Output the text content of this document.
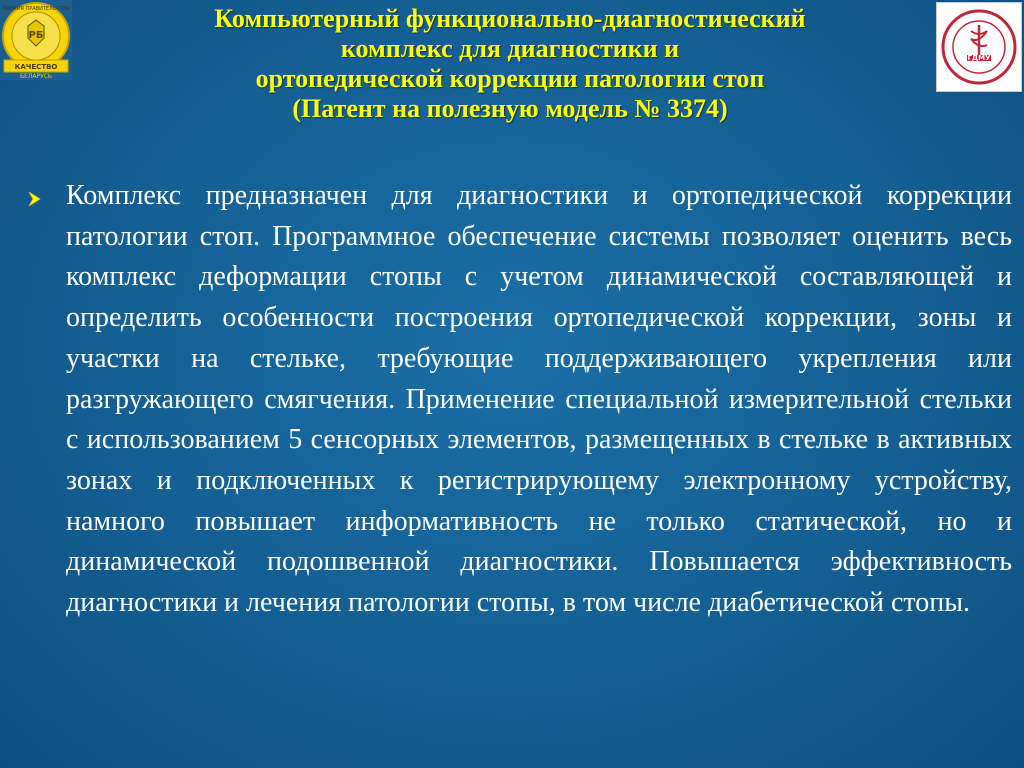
РБ
КАЧЕСТВО
БЕЛАРУСЬ
ПРЕМИЯ ПРАВИТЕЛЬСТВА
ГДМУ
Компьютерный функционально-диагностический
комплекс для диагностики и
ортопедической коррекции патологии стоп
(Патент на полезную модель № 3374)
Комплекс предназначен для диагностики и ортопедической коррекции патологии стоп. Программное обеспечение системы позволяет оценить весь комплекс деформации стопы с учетом динамической составляющей и определить особенности построения ортопедической коррекции, зоны и участки на стельке, требующие поддерживающего укрепления или разгружающего смягчения. Применение специальной измерительной стельки с использованием 5 сенсорных элементов, размещенных в стельке в активных зонах и подключенных к регистрирующему электронному устройству, намного повышает информативность не только статической, но и динамической подошвенной диагностики. Повышается эффективность диагностики и лечения патологии стопы, в том числе диабетической стопы.
